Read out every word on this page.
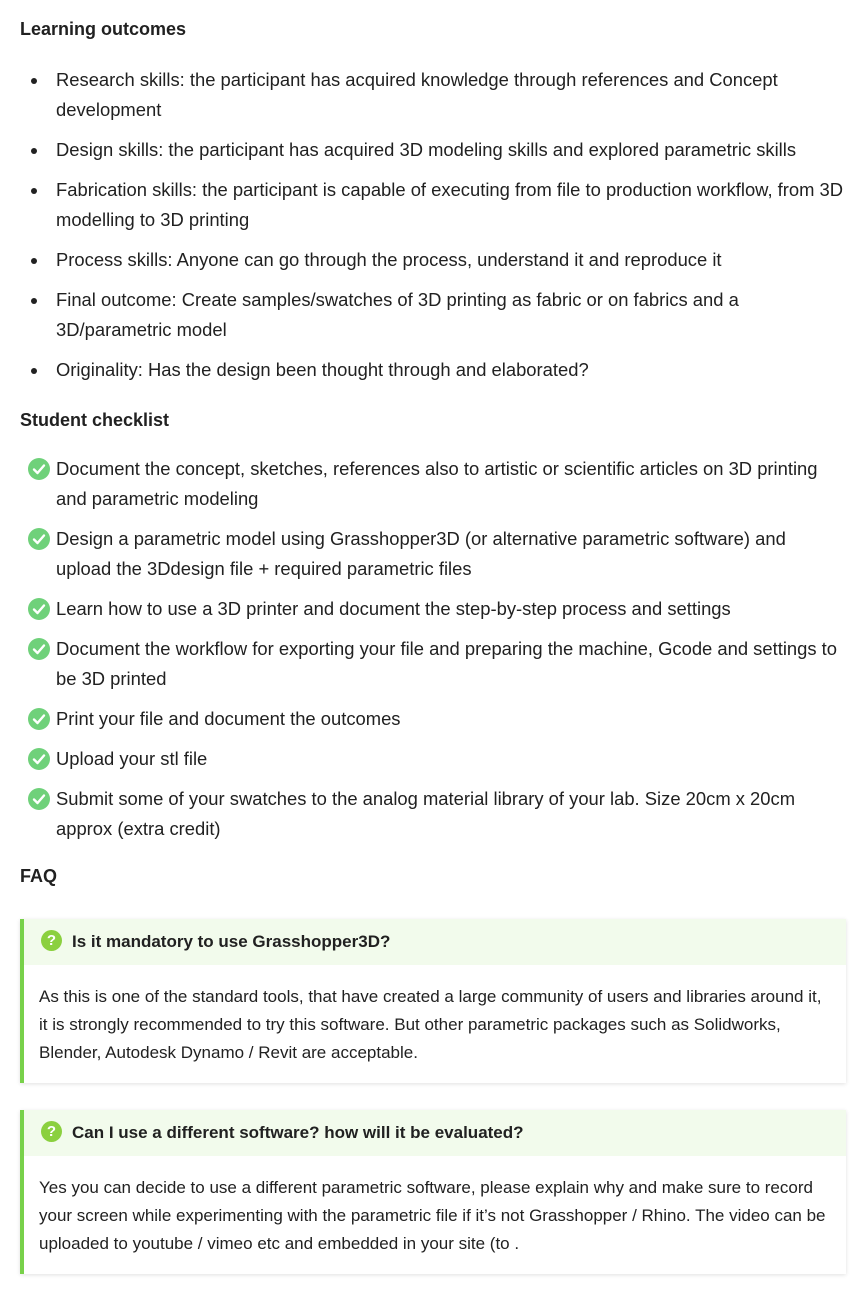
Learning outcomes
Research skills: the participant has acquired knowledge through references and Concept development
Design skills: the participant has acquired 3D modeling skills and explored parametric skills
Fabrication skills: the participant is capable of executing from file to production workflow, from 3D modelling to 3D printing
Process skills: Anyone can go through the process, understand it and reproduce it
Final outcome: Create samples/swatches of 3D printing as fabric or on fabrics and a 3D/parametric model
Originality: Has the design been thought through and elaborated?
Student checklist
Document the concept, sketches, references also to artistic or scientific articles on 3D printing and parametric modeling
Design a parametric model using Grasshopper3D (or alternative parametric software) and upload the 3Ddesign file + required parametric files
Learn how to use a 3D printer and document the step-by-step process and settings
Document the workflow for exporting your file and preparing the machine, Gcode and settings to be 3D printed
Print your file and document the outcomes
Upload your stl file
Submit some of your swatches to the analog material library of your lab. Size 20cm x 20cm approx (extra credit)
FAQ
? Is it mandatory to use Grasshopper3D?
As this is one of the standard tools, that have created a large community of users and libraries around it, it is strongly recommended to try this software. But other parametric packages such as Solidworks, Blender, Autodesk Dynamo / Revit are acceptable.
? Can I use a different software? how will it be evaluated?
Yes you can decide to use a different parametric software, please explain why and make sure to record your screen while experimenting with the parametric file if it’s not Grasshopper / Rhino. The video can be uploaded to youtube / vimeo etc and embedded in your site (to .
